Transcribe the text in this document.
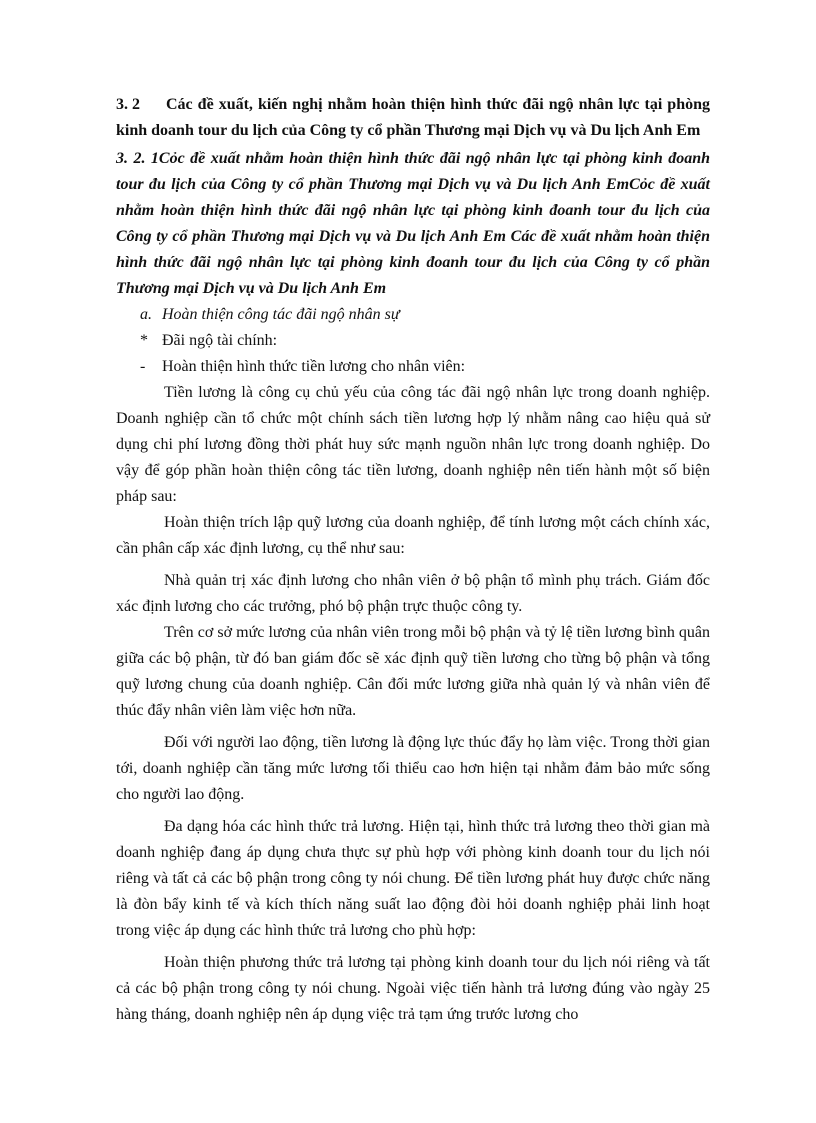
3. 2 Các đề xuất, kiến nghị nhằm hoàn thiện hình thức đãi ngộ nhân lực tại phòng kinh doanh tour du lịch của Công ty cổ phần Thương mại Dịch vụ và Du lịch Anh Em

3. 2. 1Cỏc đề xuất nhằm hoàn thiện hình thức đãi ngộ nhân lực tại phòng kinh đoanh tour đu lịch của Công ty cổ phần Thương mại Dịch vụ và Du lịch Anh EmCỏc đề xuất nhằm hoàn thiện hình thức đãi ngộ nhân lực tại phòng kinh đoanh tour đu lịch của Công ty cổ phần Thương mại Dịch vụ và Du lịch Anh Em Các đề xuất nhằm hoàn thiện hình thức đãi ngộ nhân lực tại phòng kinh đoanh tour đu lịch của Công ty cổ phần Thương mại Dịch vụ và Du lịch Anh Em

a. Hoàn thiện công tác đãi ngộ nhân sự

* Đãi ngộ tài chính:

- Hoàn thiện hình thức tiền lương cho nhân viên:

Tiền lương là công cụ chủ yếu của công tác đãi ngộ nhân lực trong doanh nghiệp. Doanh nghiệp cần tổ chức một chính sách tiền lương hợp lý nhằm nâng cao hiệu quả sử dụng chi phí lương đồng thời phát huy sức mạnh nguồn nhân lực trong doanh nghiệp. Do vậy để góp phần hoàn thiện công tác tiền lương, doanh nghiệp nên tiến hành một số biện pháp sau:

Hoàn thiện trích lập quỹ lương của doanh nghiệp, để tính lương một cách chính xác, cần phân cấp xác định lương, cụ thể như sau:

Nhà quản trị xác định lương cho nhân viên ở bộ phận tổ mình phụ trách. Giám đốc xác định lương cho các trưởng, phó bộ phận trực thuộc công ty.

Trên cơ sở mức lương của nhân viên trong mỗi bộ phận và tỷ lệ tiền lương bình quân giữa các bộ phận, từ đó ban giám đốc sẽ xác định quỹ tiền lương cho từng bộ phận và tổng quỹ lương chung của doanh nghiệp. Cân đối mức lương giữa nhà quản lý và nhân viên để thúc đẩy nhân viên làm việc hơn nữa.

Đối với người lao động, tiền lương là động lực thúc đẩy họ làm việc. Trong thời gian tới, doanh nghiệp cần tăng mức lương tối thiểu cao hơn hiện tại nhằm đảm bảo mức sống cho người lao động.

Đa dạng hóa các hình thức trả lương. Hiện tại, hình thức trả lương theo thời gian mà doanh nghiệp đang áp dụng chưa thực sự phù hợp với phòng kinh doanh tour du lịch nói riêng và tất cả các bộ phận trong công ty nói chung. Để tiền lương phát huy được chức năng là đòn bẩy kinh tế và kích thích năng suất lao động đòi hỏi doanh nghiệp phải linh hoạt trong việc áp dụng các hình thức trả lương cho phù hợp:

Hoàn thiện phương thức trả lương tại phòng kinh doanh tour du lịch nói riêng và tất cả các bộ phận trong công ty nói chung. Ngoài việc tiến hành trả lương đúng vào ngày 25 hàng tháng, doanh nghiệp nên áp dụng việc trả tạm ứng trước lương cho
